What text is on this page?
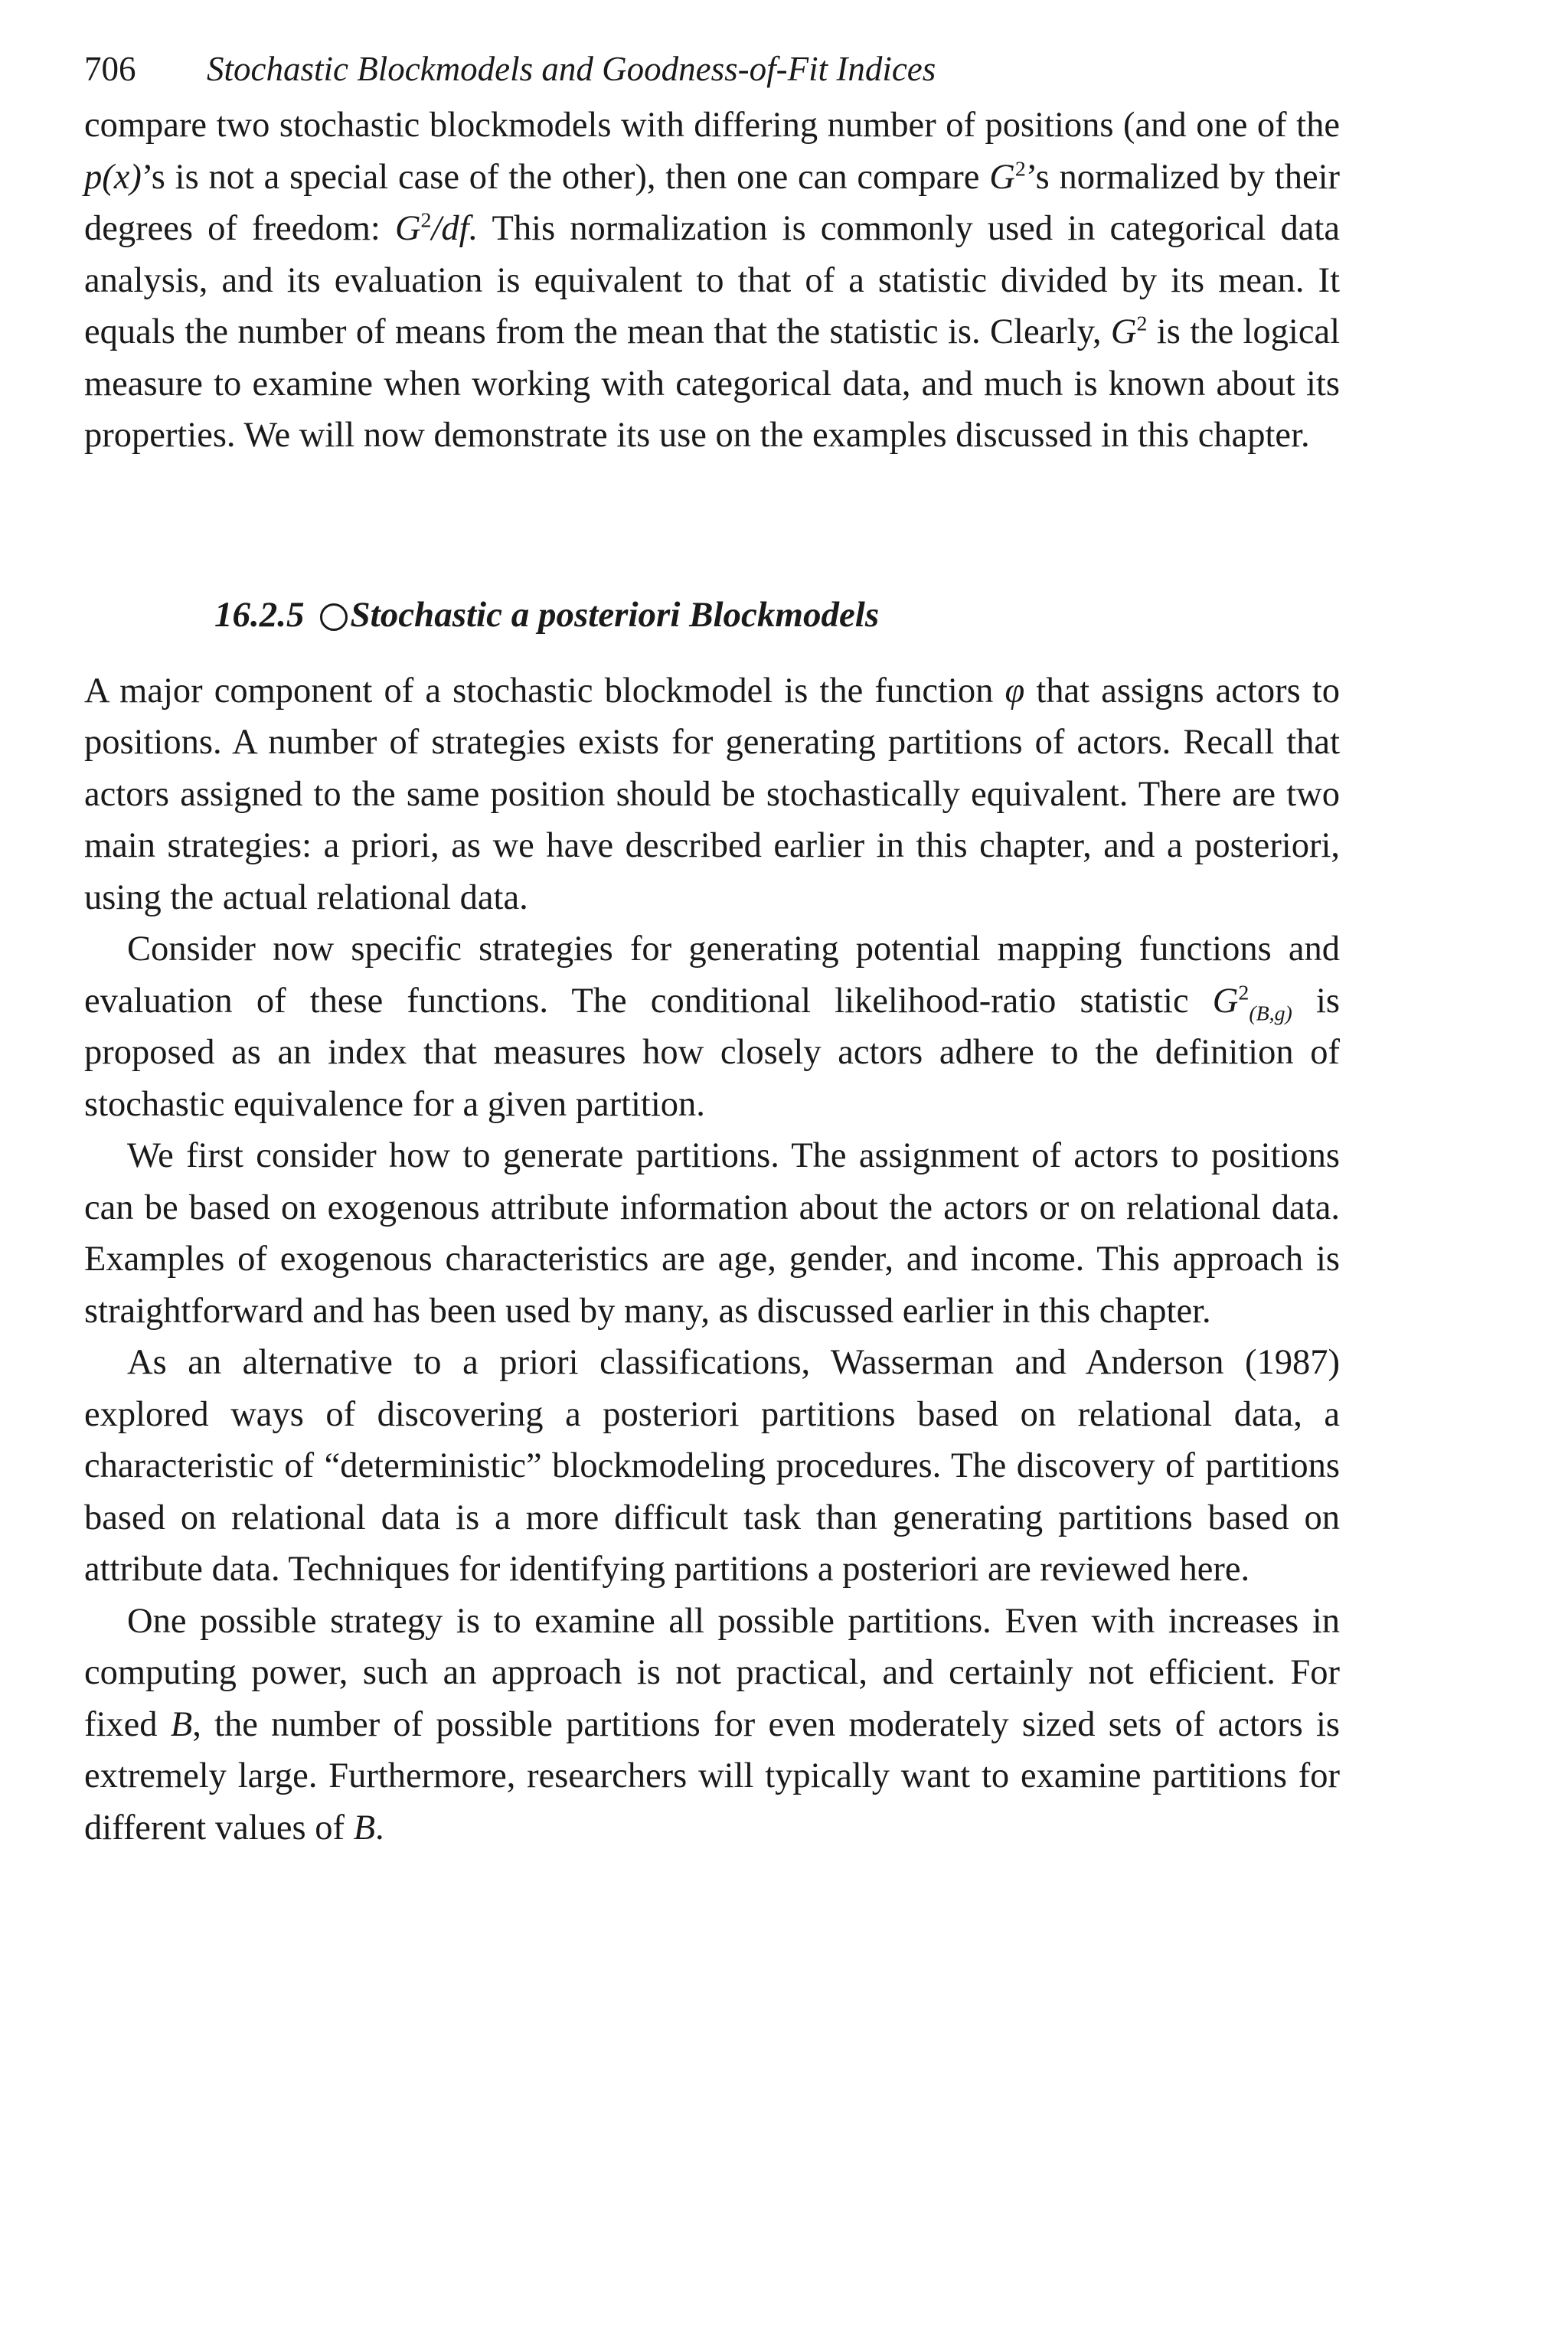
706 Stochastic Blockmodels and Goodness-of-Fit Indices

compare two stochastic blockmodels with differing number of positions (and one of the p(x)’s is not a special case of the other), then one can compare $G^2’s$ normalized by their degrees of freedom: $G^2/df$. This normalization is commonly used in categorical data analysis, and its evaluation is equivalent to that of a statistic divided by its mean. It equals the number of means from the mean that the statistic is. Clearly, $G^2$ is the logical measure to examine when working with categorical data, and much is known about its properties. We will now demonstrate its use on the examples discussed in this chapter.

16.2.5 Stochastic a posteriori Blockmodels

A major component of a stochastic blockmodel is the function φ that assigns actors to positions. A number of strategies exists for generating partitions of actors. Recall that actors assigned to the same position should be stochastically equivalent. There are two main strategies: a priori, as we have described earlier in this chapter, and a posteriori, using the actual relational data.

Consider now specific strategies for generating potential mapping functions and evaluation of these functions. The conditional likelihood-ratio statistic $G^2_{(B,g)}$ is proposed as an index that measures how closely actors adhere to the definition of stochastic equivalence for a given partition.

We first consider how to generate partitions. The assignment of actors to positions can be based on exogenous attribute information about the actors or on relational data. Examples of exogenous characteristics are age, gender, and income. This approach is straightforward and has been used by many, as discussed earlier in this chapter.

As an alternative to a priori classifications, Wasserman and Anderson (1987) explored ways of discovering a posteriori partitions based on relational data, a characteristic of “deterministic” blockmodeling procedures. The discovery of partitions based on relational data is a more difficult task than generating partitions based on attribute data. Techniques for identifying partitions a posteriori are reviewed here.

One possible strategy is to examine all possible partitions. Even with increases in computing power, such an approach is not practical, and certainly not efficient. For fixed B, the number of possible partitions for even moderately sized sets of actors is extremely large. Furthermore, researchers will typically want to examine partitions for different values of B.
